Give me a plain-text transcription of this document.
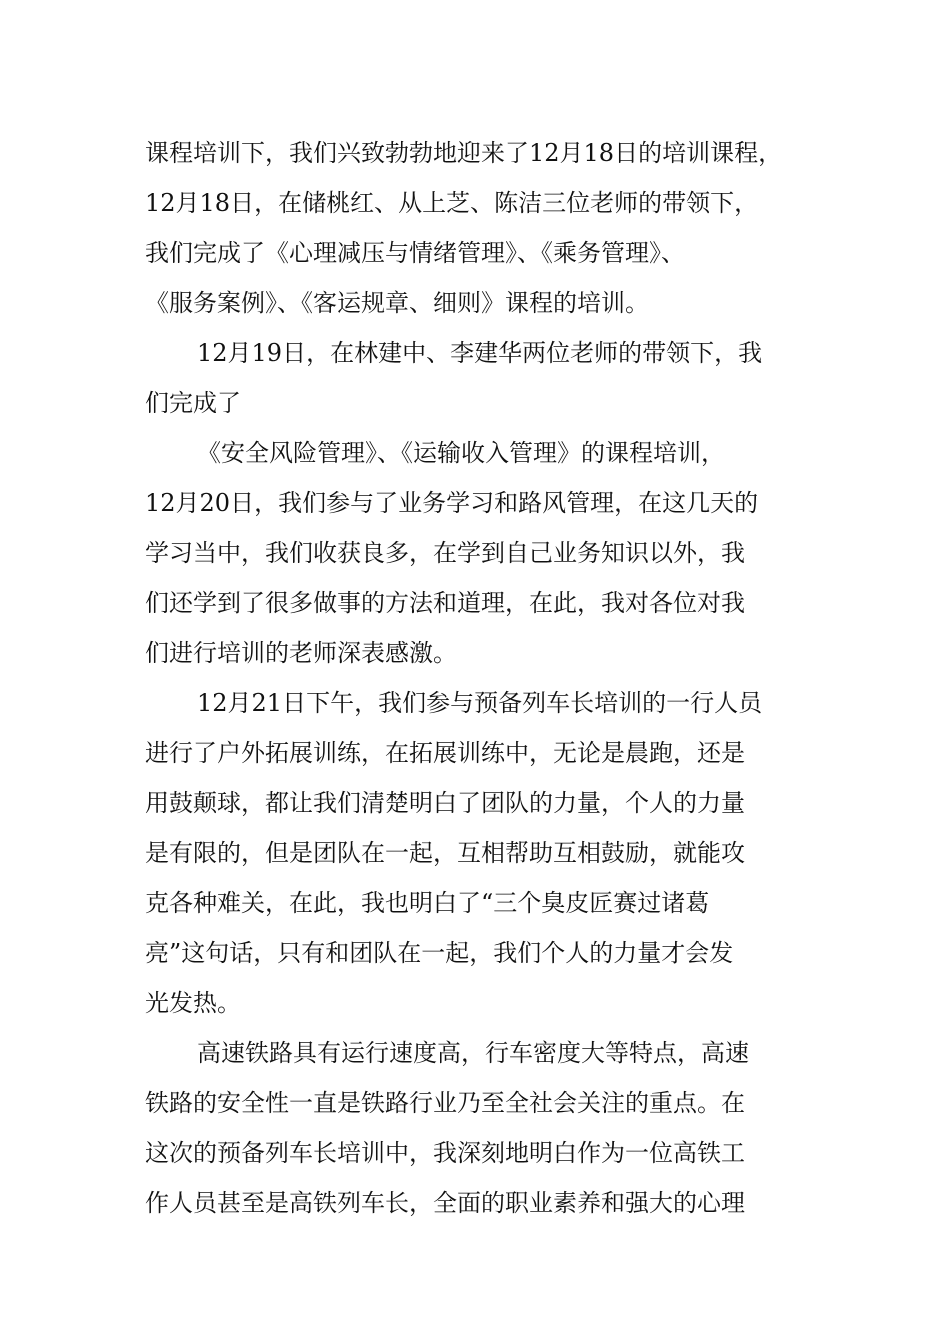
课程培训下，我们兴致勃勃地迎来了12月18日的培训课程，
12月18日，在储桃红、从上芝、陈洁三位老师的带领下，
我们完成了《心理减压与情绪管理》、《乘务管理》、
《服务案例》、《客运规章、细则》课程的培训。
12月19日，在林建中、李建华两位老师的带领下，我
们完成了
《安全风险管理》、《运输收入管理》的课程培训，
12月20日，我们参与了业务学习和路风管理，在这几天的
学习当中，我们收获良多，在学到自己业务知识以外，我
们还学到了很多做事的方法和道理，在此，我对各位对我
们进行培训的老师深表感激。
12月21日下午，我们参与预备列车长培训的一行人员
进行了户外拓展训练，在拓展训练中，无论是晨跑，还是
用鼓颠球，都让我们清楚明白了团队的力量，个人的力量
是有限的，但是团队在一起，互相帮助互相鼓励，就能攻
克各种难关，在此，我也明白了“三个臭皮匠赛过诸葛
亮”这句话，只有和团队在一起，我们个人的力量才会发
光发热。
高速铁路具有运行速度高，行车密度大等特点，高速
铁路的安全性一直是铁路行业乃至全社会关注的重点。在
这次的预备列车长培训中，我深刻地明白作为一位高铁工
作人员甚至是高铁列车长，全面的职业素养和强大的心理
